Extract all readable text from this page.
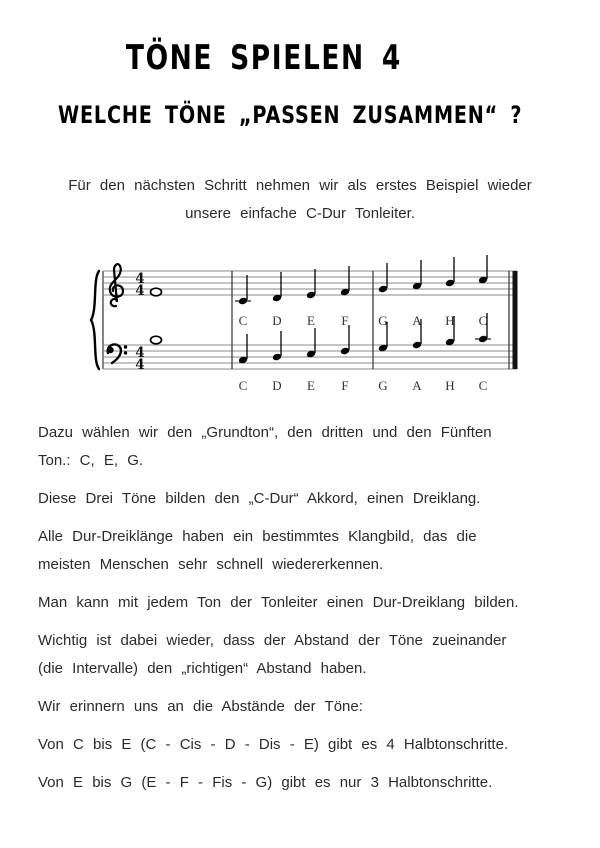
TÖNE SPIELEN 4
WELCHE TÖNE „PASSEN ZUSAMMEN“ ?
Für den nächsten Schritt nehmen wir als erstes Beispiel wieder
unsere einfache C-Dur Tonleiter.
4
4
4
4
C D E F G A H C
C D E F G A H C

Dazu wählen wir den „Grundton“, den dritten und den Fünften
Ton.: C, E, G.

Diese Drei Töne bilden den „C-Dur“ Akkord, einen Dreiklang.

Alle Dur-Dreiklänge haben ein bestimmtes Klangbild, das die
meisten Menschen sehr schnell wiedererkennen.

Man kann mit jedem Ton der Tonleiter einen Dur-Dreiklang bilden.

Wichtig ist dabei wieder, dass der Abstand der Töne zueinander
(die Intervalle) den „richtigen“ Abstand haben.

Wir erinnern uns an die Abstände der Töne:

Von C bis E (C - Cis - D - Dis - E) gibt es 4 Halbtonschritte.

Von E bis G (E - F - Fis - G) gibt es nur 3 Halbtonschritte.
